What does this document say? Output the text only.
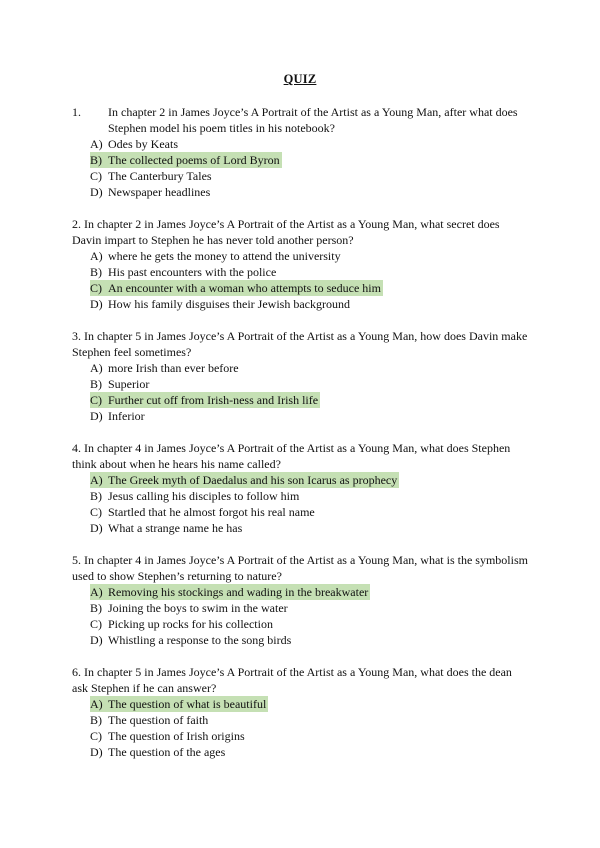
QUIZ

1. In chapter 2 in James Joyce’s A Portrait of the Artist as a Young Man, after what does Stephen model his poem titles in his notebook?

A) Odes by Keats
B) The collected poems of Lord Byron
C) The Canterbury Tales
D) Newspaper headlines

2. In chapter 2 in James Joyce’s A Portrait of the Artist as a Young Man, what secret does Davin impart to Stephen he has never told another person?

A) where he gets the money to attend the university
B) His past encounters with the police
C) An encounter with a woman who attempts to seduce him
D) How his family disguises their Jewish background

3. In chapter 5 in James Joyce’s A Portrait of the Artist as a Young Man, how does Davin make Stephen feel sometimes?

A) more Irish than ever before
B) Superior
C) Further cut off from Irish-ness and Irish life
D) Inferior

4. In chapter 4 in James Joyce’s A Portrait of the Artist as a Young Man, what does Stephen think about when he hears his name called?

A) The Greek myth of Daedalus and his son Icarus as prophecy
B) Jesus calling his disciples to follow him
C) Startled that he almost forgot his real name
D) What a strange name he has

5. In chapter 4 in James Joyce’s A Portrait of the Artist as a Young Man, what is the symbolism used to show Stephen’s returning to nature?

A) Removing his stockings and wading in the breakwater
B) Joining the boys to swim in the water
C) Picking up rocks for his collection
D) Whistling a response to the song birds

6. In chapter 5 in James Joyce’s A Portrait of the Artist as a Young Man, what does the dean ask Stephen if he can answer?

A) The question of what is beautiful
B) The question of faith
C) The question of Irish origins
D) The question of the ages
